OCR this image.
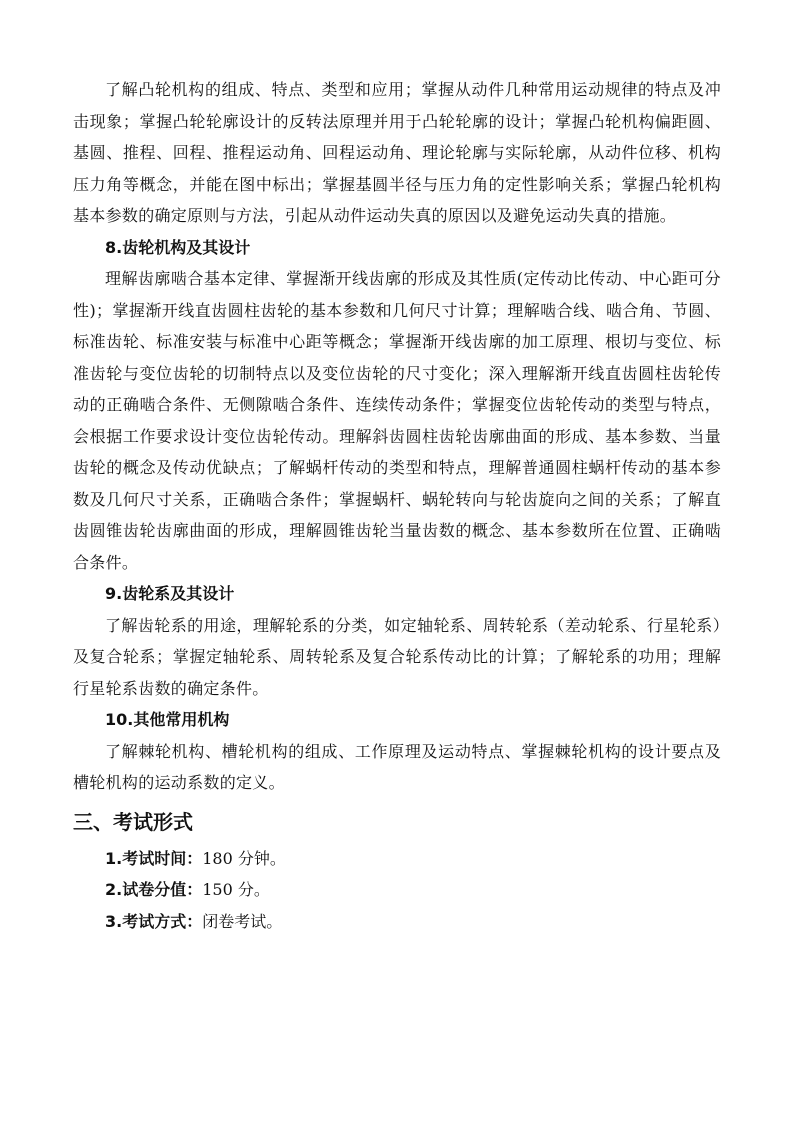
了解凸轮机构的组成、特点、类型和应用；掌握从动件几种常用运动规律的特点及冲击现象；掌握凸轮轮廓设计的反转法原理并用于凸轮轮廓的设计；掌握凸轮机构偏距圆、基圆、推程、回程、推程运动角、回程运动角、理论轮廓与实际轮廓，从动件位移、机构压力角等概念，并能在图中标出；掌握基圆半径与压力角的定性影响关系；掌握凸轮机构基本参数的确定原则与方法，引起从动件运动失真的原因以及避免运动失真的措施。

8.齿轮机构及其设计

理解齿廓啮合基本定律、掌握渐开线齿廓的形成及其性质(定传动比传动、中心距可分性)；掌握渐开线直齿圆柱齿轮的基本参数和几何尺寸计算；理解啮合线、啮合角、节圆、标准齿轮、标准安装与标准中心距等概念；掌握渐开线齿廓的加工原理、根切与变位、标准齿轮与变位齿轮的切制特点以及变位齿轮的尺寸变化；深入理解渐开线直齿圆柱齿轮传动的正确啮合条件、无侧隙啮合条件、连续传动条件；掌握变位齿轮传动的类型与特点，会根据工作要求设计变位齿轮传动。理解斜齿圆柱齿轮齿廓曲面的形成、基本参数、当量齿轮的概念及传动优缺点；了解蜗杆传动的类型和特点，理解普通圆柱蜗杆传动的基本参数及几何尺寸关系，正确啮合条件；掌握蜗杆、蜗轮转向与轮齿旋向之间的关系；了解直齿圆锥齿轮齿廓曲面的形成，理解圆锥齿轮当量齿数的概念、基本参数所在位置、正确啮合条件。

9.齿轮系及其设计

了解齿轮系的用途，理解轮系的分类，如定轴轮系、周转轮系（差动轮系、行星轮系）及复合轮系；掌握定轴轮系、周转轮系及复合轮系传动比的计算；了解轮系的功用；理解行星轮系齿数的确定条件。

10.其他常用机构

了解棘轮机构、槽轮机构的组成、工作原理及运动特点、掌握棘轮机构的设计要点及槽轮机构的运动系数的定义。

三、考试形式

1.考试时间：180 分钟。

2.试卷分值：150 分。

3.考试方式：闭卷考试。
